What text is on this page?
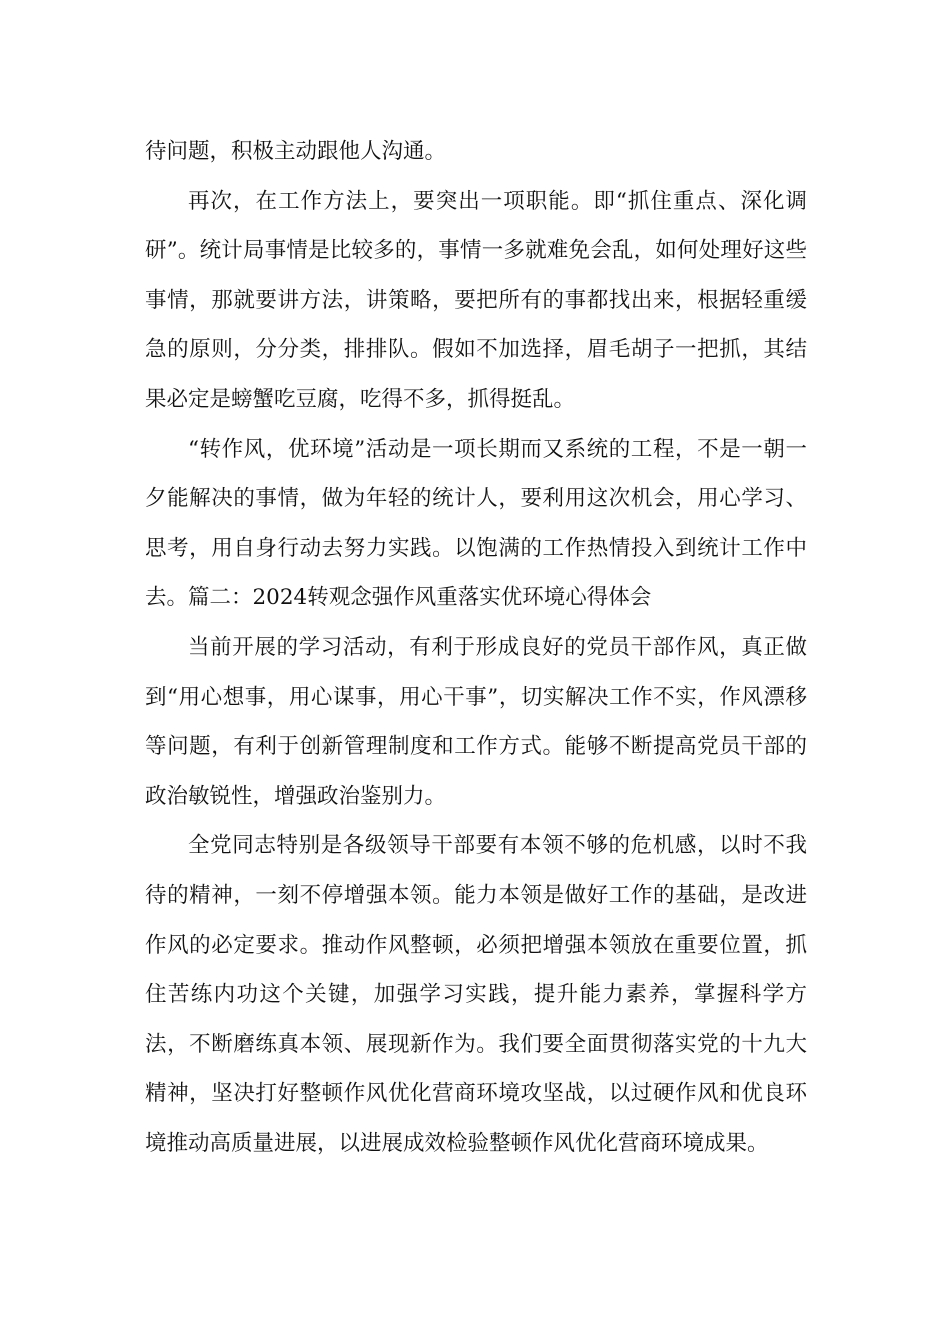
待问题，积极主动跟他人沟通。

再次，在工作方法上，要突出一项职能。即“抓住重点、深化调研”。统计局事情是比较多的，事情一多就难免会乱，如何处理好这些事情，那就要讲方法，讲策略，要把所有的事都找出来，根据轻重缓急的原则，分分类，排排队。假如不加选择，眉毛胡子一把抓，其结果必定是螃蟹吃豆腐，吃得不多，抓得挺乱。

“转作风，优环境”活动是一项长期而又系统的工程，不是一朝一夕能解决的事情，做为年轻的统计人，要利用这次机会，用心学习、思考，用自身行动去努力实践。以饱满的工作热情投入到统计工作中去。篇二：2024转观念强作风重落实优环境心得体会

当前开展的学习活动，有利于形成良好的党员干部作风，真正做到“用心想事，用心谋事，用心干事”，切实解决工作不实，作风漂移等问题，有利于创新管理制度和工作方式。能够不断提高党员干部的政治敏锐性，增强政治鉴别力。

全党同志特别是各级领导干部要有本领不够的危机感，以时不我待的精神，一刻不停增强本领。能力本领是做好工作的基础，是改进作风的必定要求。推动作风整顿，必须把增强本领放在重要位置，抓住苦练内功这个关键，加强学习实践，提升能力素养，掌握科学方法，不断磨练真本领、展现新作为。我们要全面贯彻落实党的十九大精神，坚决打好整顿作风优化营商环境攻坚战，以过硬作风和优良环境推动高质量进展，以进展成效检验整顿作风优化营商环境成果。
